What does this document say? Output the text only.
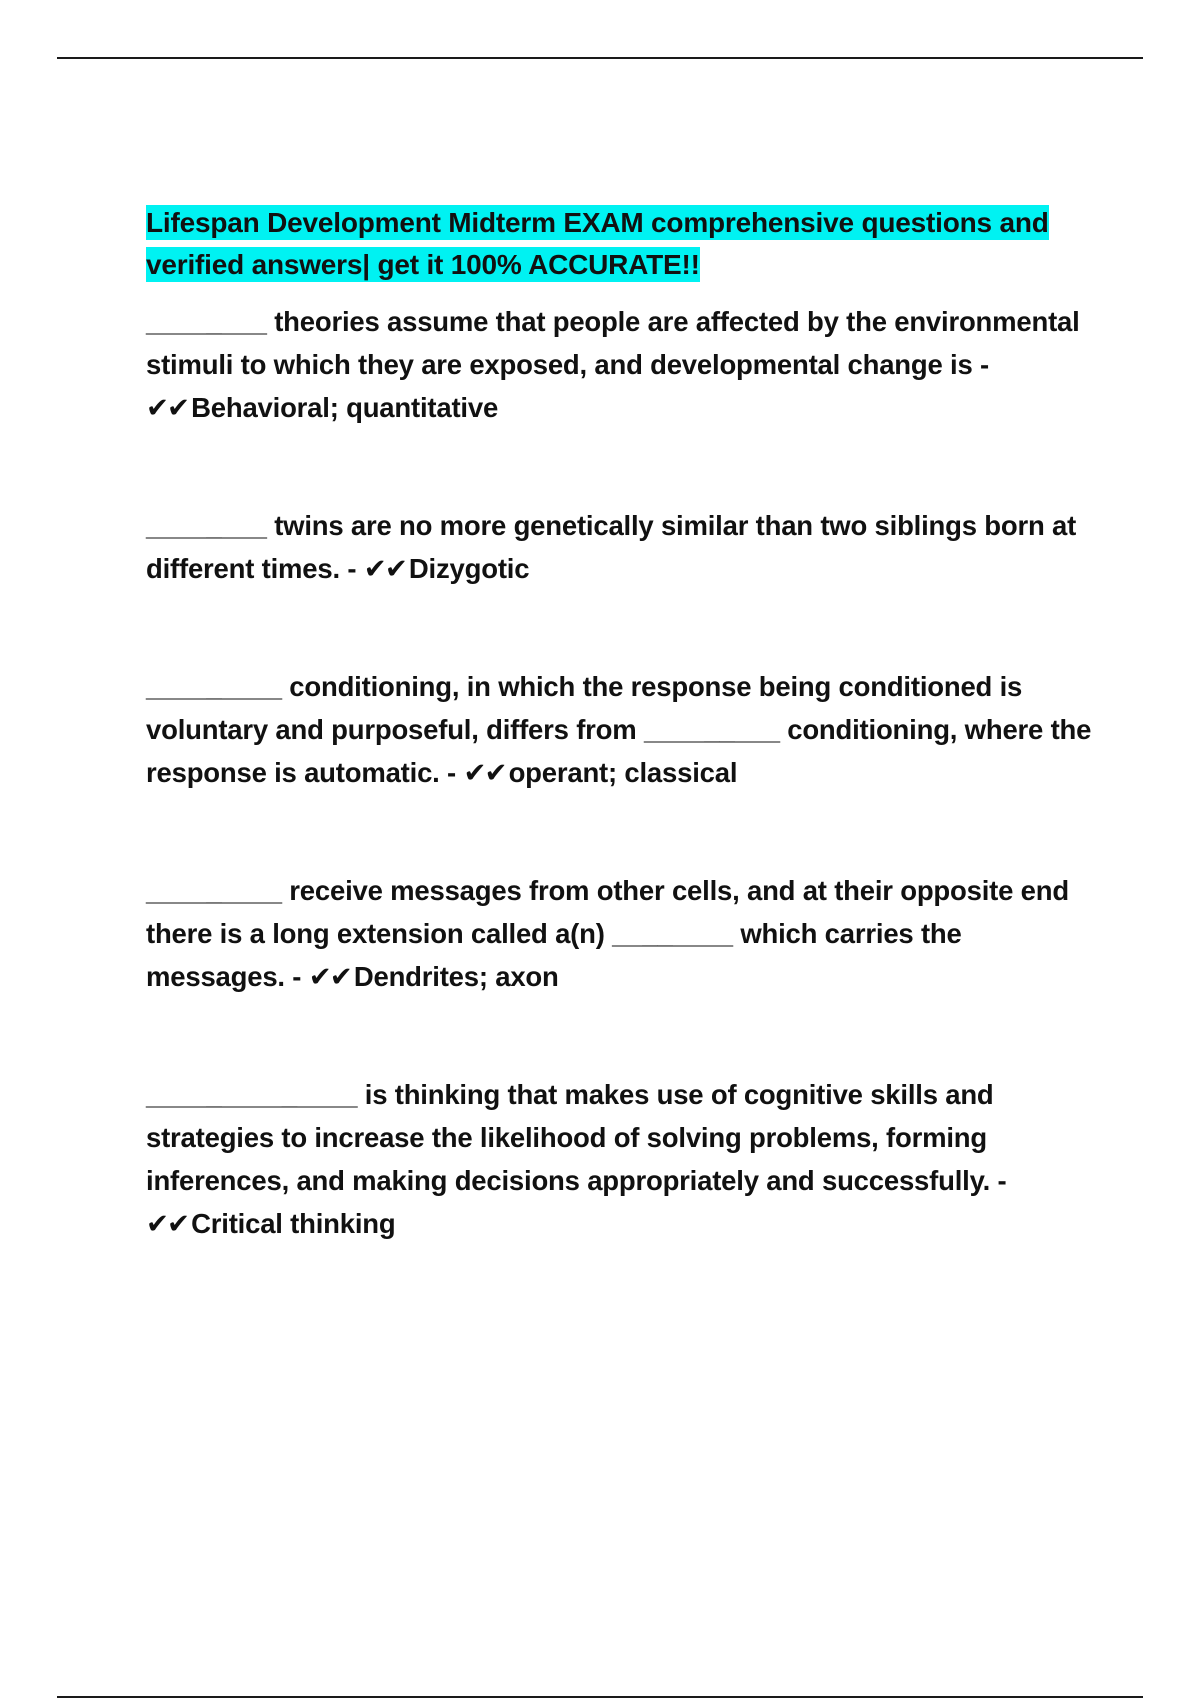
Lifespan Development Midterm EXAM comprehensive questions and verified answers| get it 100% ACCURATE!!

________ theories assume that people are affected by the environmental stimuli to which they are exposed, and developmental change is - ✔✔ Behavioral; quantitative

________ twins are no more genetically similar than two siblings born at different times. - ✔✔ Dizygotic

_________ conditioning, in which the response being conditioned is voluntary and purposeful, differs from _________ conditioning, where the response is automatic. - ✔✔ operant; classical

_________ receive messages from other cells, and at their opposite end there is a long extension called a(n) ________ which carries the messages. - ✔✔ Dendrites; axon

______________ is thinking that makes use of cognitive skills and strategies to increase the likelihood of solving problems, forming inferences, and making decisions appropriately and successfully. - ✔✔ Critical thinking
